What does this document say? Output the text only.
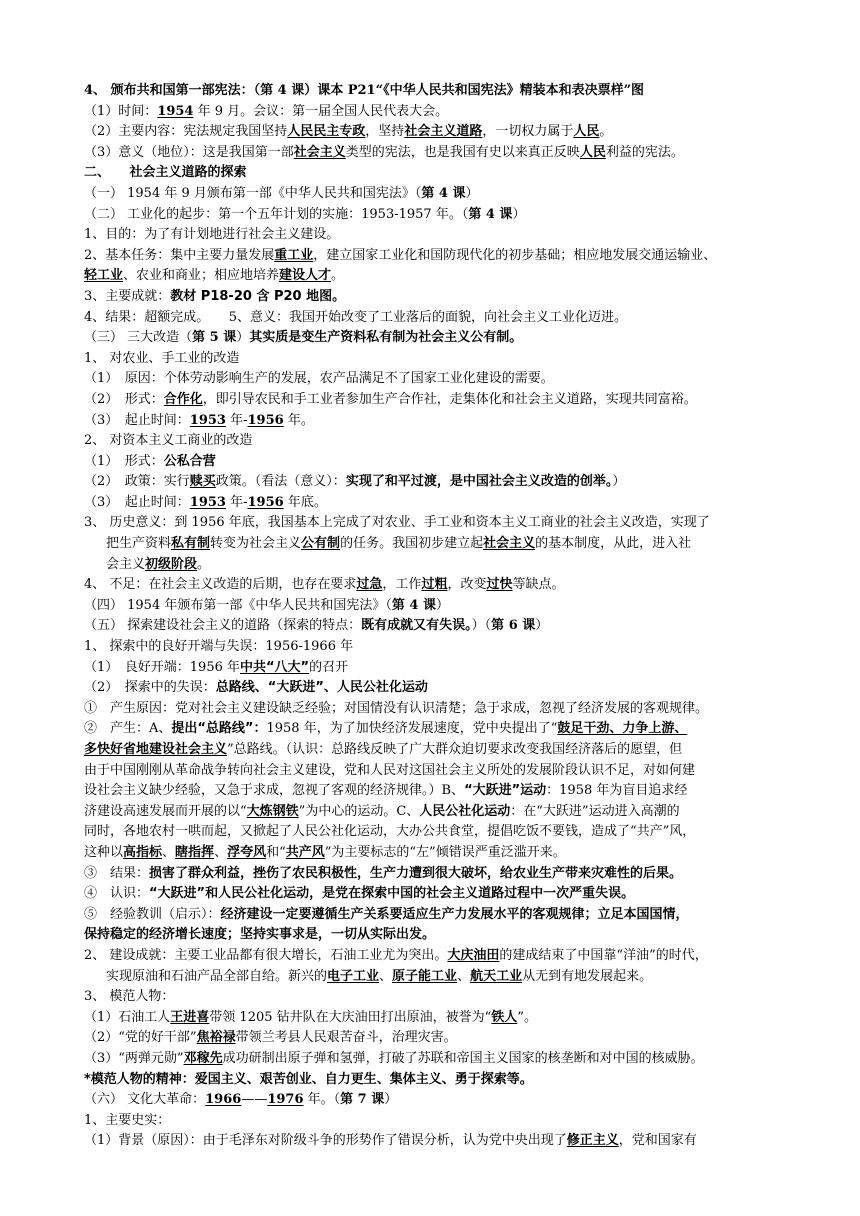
4、 颁布共和国第一部宪法：（第 4 课）课本 P21“《中华人民共和国宪法》精装本和表决票样”图
（1）时间：1954 年 9 月。会议：第一届全国人民代表大会。
（2）主要内容：宪法规定我国坚持人民民主专政，坚持社会主义道路，一切权力属于人民。
（3）意义（地位）：这是我国第一部社会主义类型的宪法，也是我国有史以来真正反映人民利益的宪法。
二、　　社会主义道路的探索
（一） 1954 年 9 月颁布第一部《中华人民共和国宪法》（第 4 课）
（二） 工业化的起步：第一个五年计划的实施：1953-1957 年。（第 4 课）
1、目的：为了有计划地进行社会主义建设。
2、基本任务：集中主要力量发展重工业，建立国家工业化和国防现代化的初步基础；相应地发展交通运输业、
轻工业、农业和商业；相应地培养建设人才。
3、主要成就：教材 P18-20 含 P20 地图。
4、结果：超额完成。　　5、意义：我国开始改变了工业落后的面貌，向社会主义工业化迈进。
（三） 三大改造（第 5 课）其实质是变生产资料私有制为社会主义公有制。
1、 对农业、手工业的改造
（1）　原因：个体劳动影响生产的发展，农产品满足不了国家工业化建设的需要。
（2）　形式：合作化，即引导农民和手工业者参加生产合作社，走集体化和社会主义道路，实现共同富裕。
（3）　起止时间：1953 年-1956 年。
2、 对资本主义工商业的改造
（1）　形式：公私合营
（2）　政策：实行赎买政策。（看法（意义）：实现了和平过渡，是中国社会主义改造的创举。）
（3）　起止时间：1953 年-1956 年底。
3、 历史意义：到 1956 年底，我国基本上完成了对农业、手工业和资本主义工商业的社会主义改造，实现了
把生产资料私有制转变为社会主义公有制的任务。我国初步建立起社会主义的基本制度，从此，进入社
会主义初级阶段。
4、 不足：在社会主义改造的后期，也存在要求过急，工作过粗，改变过快等缺点。
（四） 1954 年颁布第一部《中华人民共和国宪法》（第 4 课）
（五） 探索建设社会主义的道路（探索的特点：既有成就又有失误。）（第 6 课）
1、 探索中的良好开端与失误：1956-1966 年
（1）　良好开端：1956 年中共“八大”的召开
（2）　探索中的失误：总路线、“大跃进”、人民公社化运动
①　产生原因：党对社会主义建设缺乏经验；对国情没有认识清楚；急于求成，忽视了经济发展的客观规律。
②　产生：A、提出“总路线”：1958 年，为了加快经济发展速度，党中央提出了“鼓足干劲、力争上游、
多快好省地建设社会主义”总路线。（认识：总路线反映了广大群众迫切要求改变我国经济落后的愿望，但
由于中国刚刚从革命战争转向社会主义建设，党和人民对这国社会主义所处的发展阶段认识不足，对如何建
设社会主义缺少经验，又急于求成，忽视了客观的经济规律。）B、“大跃进”运动：1958 年为盲目追求经
济建设高速发展而开展的以“大炼钢铁”为中心的运动。C、人民公社化运动：在“大跃进”运动进入高潮的
同时，各地农村一哄而起，又掀起了人民公社化运动，大办公共食堂，提倡吃饭不要钱，造成了“共产”风，
这种以高指标、瞎指挥、浮夸风和“共产风”为主要标志的“左”倾错误严重泛滥开来。
③　结果：损害了群众利益，挫伤了农民积极性，生产力遭到很大破坏，给农业生产带来灾难性的后果。
④　认识：“大跃进”和人民公社化运动，是党在探索中国的社会主义道路过程中一次严重失误。
⑤　经验教训（启示）：经济建设一定要遵循生产关系要适应生产力发展水平的客观规律；立足本国国情，
保持稳定的经济增长速度；坚持实事求是，一切从实际出发。
2、 建设成就：主要工业品都有很大增长，石油工业尤为突出。大庆油田的建成结束了中国靠“洋油”的时代，
实现原油和石油产品全部自给。新兴的电子工业、原子能工业、航天工业从无到有地发展起来。
3、 模范人物：
（1）石油工人王进喜带领 1205 钻井队在大庆油田打出原油，被誉为“铁人”。
（2）“党的好干部”焦裕禄带领兰考县人民艰苦奋斗，治理灾害。
（3）“两弹元勋”邓稼先成功研制出原子弹和氢弹，打破了苏联和帝国主义国家的核垄断和对中国的核威胁。
*模范人物的精神：爱国主义、艰苦创业、自力更生、集体主义、勇于探索等。
（六） 文化大革命：1966——1976 年。（第 7 课）
1、主要史实：
（1）背景（原因）：由于毛泽东对阶级斗争的形势作了错误分析，认为党中央出现了修正主义，党和国家有
